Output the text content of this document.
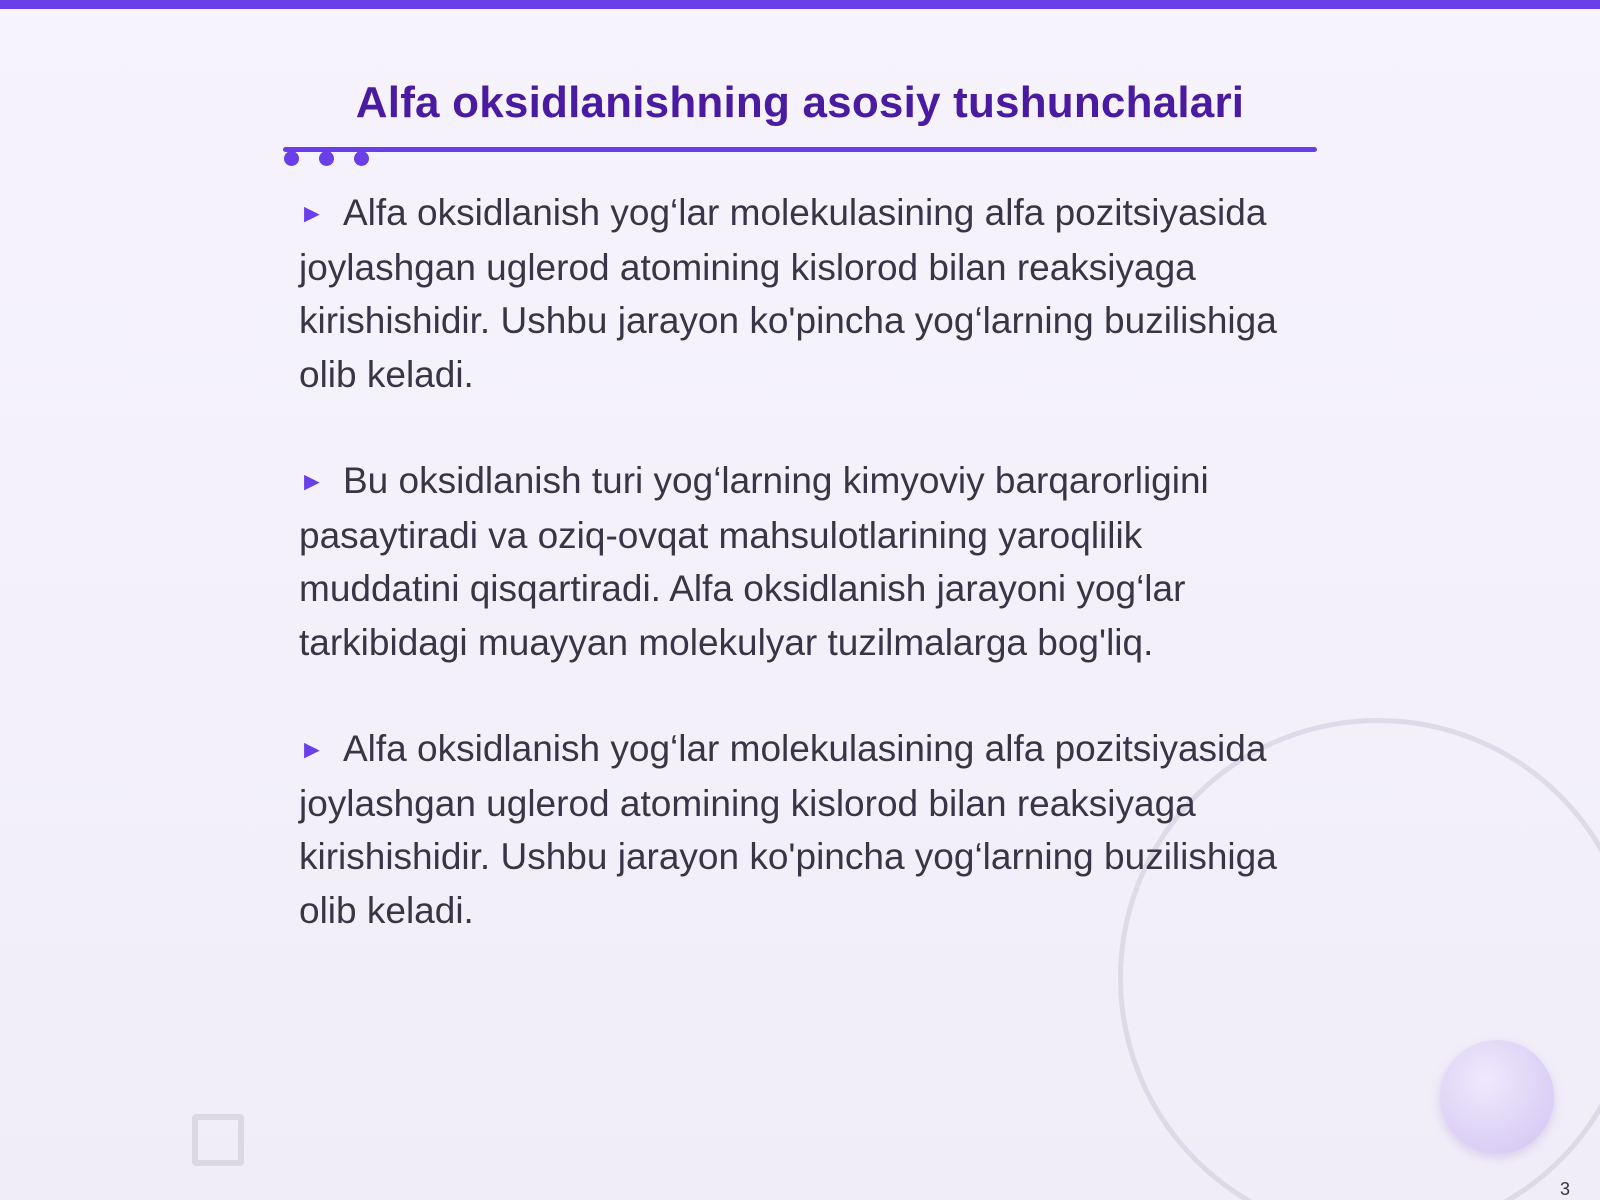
Alfa oksidlanishning asosiy tushunchalari

► Alfa oksidlanish yog‘lar molekulasining alfa pozitsiyasida joylashgan uglerod atomining kislorod bilan reaksiyaga kirishishidir. Ushbu jarayon ko'pincha yog‘larning buzilishiga olib keladi.

► Bu oksidlanish turi yog‘larning kimyoviy barqarorligini pasaytiradi va oziq-ovqat mahsulotlarining yaroqlilik muddatini qisqartiradi. Alfa oksidlanish jarayoni yog‘lar tarkibidagi muayyan molekulyar tuzilmalarga bog'liq.

► Alfa oksidlanish yog‘lar molekulasining alfa pozitsiyasida joylashgan uglerod atomining kislorod bilan reaksiyaga kirishishidir. Ushbu jarayon ko'pincha yog‘larning buzilishiga olib keladi.

3
